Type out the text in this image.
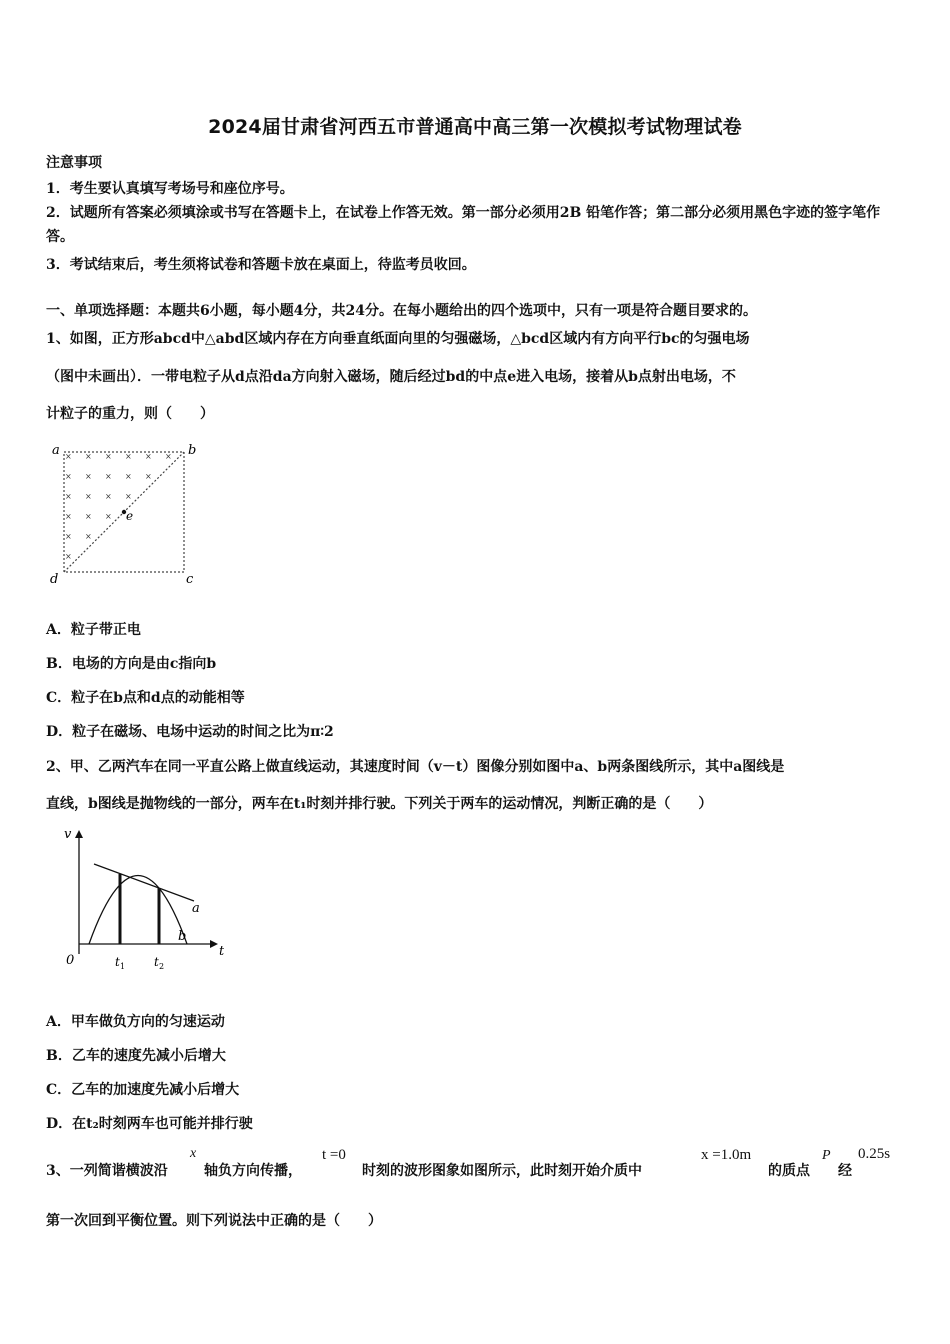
2024届甘肃省河西五市普通高中高三第一次模拟考试物理试卷
注意事项
1．考生要认真填写考场号和座位序号。
2．试题所有答案必须填涂或书写在答题卡上，在试卷上作答无效。第一部分必须用2B 铅笔作答；第二部分必须用黑色字迹的签字笔作答。
3．考试结束后，考生须将试卷和答题卡放在桌面上，待监考员收回。
一、单项选择题：本题共6小题，每小题4分，共24分。在每小题给出的四个选项中，只有一项是符合题目要求的。
1、如图，正方形abcd中△abd区域内存在方向垂直纸面向里的匀强磁场，△bcd区域内有方向平行bc的匀强电场
（图中未画出）．一带电粒子从d点沿da方向射入磁场，随后经过bd的中点e进入电场，接着从b点射出电场，不
计粒子的重力，则（　　）
× × × × × ×
× × × × ×
× × × ×
× × ×
× ×
×
a	b
c
d
e
A．粒子带正电
B．电场的方向是由c指向b
C．粒子在b点和d点的动能相等
D．粒子在磁场、电场中运动的时间之比为π∶2
2、甲、乙两汽车在同一平直公路上做直线运动，其速度时间（v－t）图像分别如图中a、b两条图线所示，其中a图线是
直线，b图线是抛物线的一部分，两车在t₁时刻并排行驶。下列关于两车的运动情况，判断正确的是（　　）
v
t
0	t 1 t 2
a
b
A．甲车做负方向的匀速运动
B．乙车的速度先减小后增大
C．乙车的加速度先减小后增大
D．在t₂时刻两车也可能并排行驶
3、一列简谐横波沿
x
轴负方向传播，
t =0
时刻的波形图象如图所示，此时刻开始介质中
x =1.0m
的质点
P
经
0.25s
第一次回到平衡位置。则下列说法中正确的是（　　）
